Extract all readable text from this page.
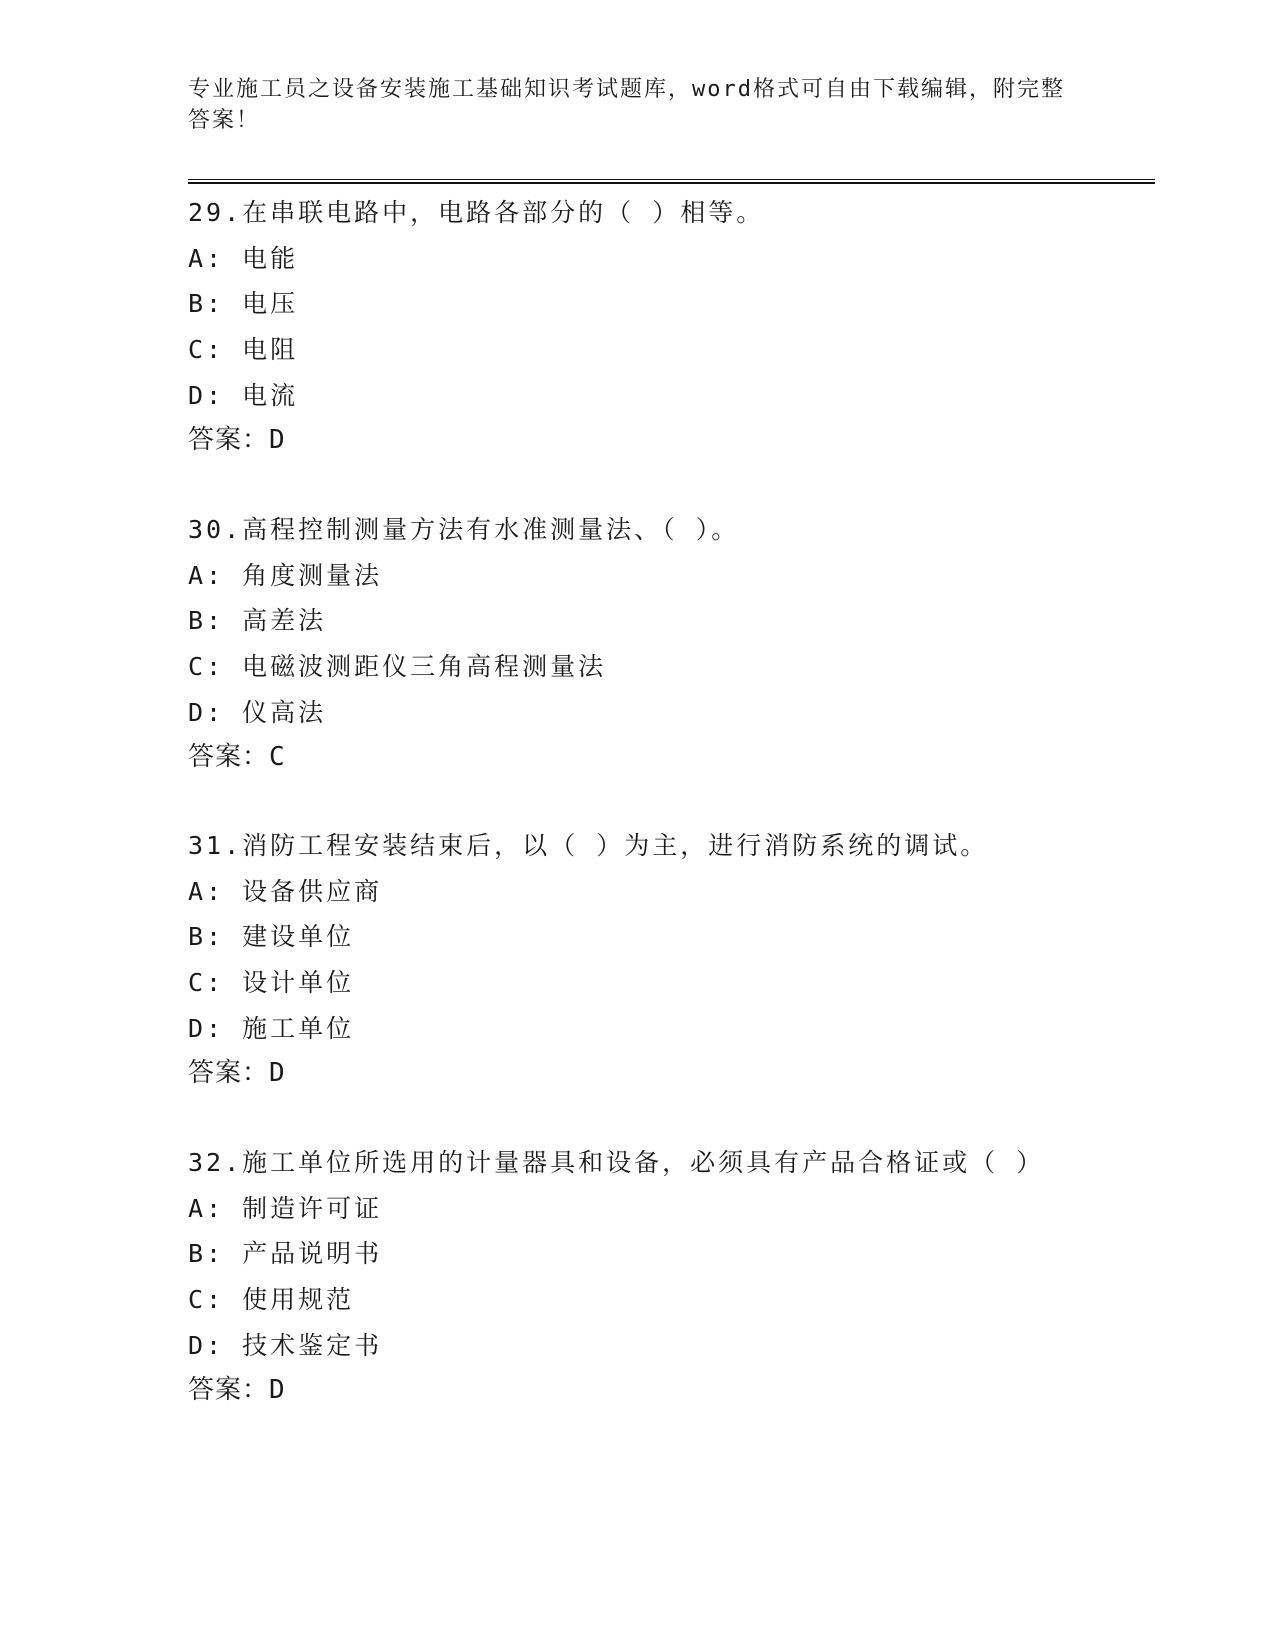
专业施工员之设备安装施工基础知识考试题库，word格式可自由下载编辑，附完整答案！
29.在串联电路中，电路各部分的（ ）相等。
A: 电能
B: 电压
C: 电阻
D: 电流
答案：D
30.高程控制测量方法有水准测量法、（ ）。
A: 角度测量法
B: 高差法
C: 电磁波测距仪三角高程测量法
D: 仪高法
答案：C
31.消防工程安装结束后，以（ ）为主，进行消防系统的调试。
A: 设备供应商
B: 建设单位
C: 设计单位
D: 施工单位
答案：D
32.施工单位所选用的计量器具和设备，必须具有产品合格证或（ ）
A: 制造许可证
B: 产品说明书
C: 使用规范
D: 技术鉴定书
答案：D
